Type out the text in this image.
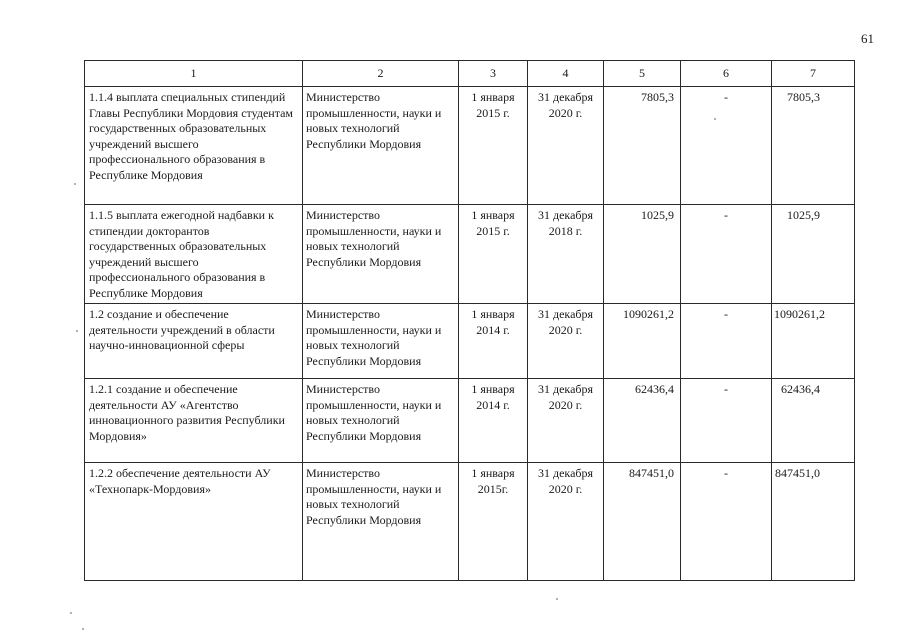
61
1	2	3	4	5	6	7
1.1.4 выплата специальных стипендий Главы Республики Мордовия студентам государственных образовательных учреждений высшего профессионального образования в Республике Мордовия	Министерство промышленности, науки и новых технологий Республики Мордовия	1 января 2015 г.	31 декабря 2020 г.	7805,3	-	7805,3
1.1.5 выплата ежегодной надбавки к стипендии докторантов государственных образовательных учреждений высшего профессионального образования в Республике Мордовия	Министерство промышленности, науки и новых технологий Республики Мордовия	1 января 2015 г.	31 декабря 2018 г.	1025,9	-	1025,9
1.2 создание и обеспечение деятельности учреждений в области научно-инновационной сферы	Министерство промышленности, науки и новых технологий Республики Мордовия	1 января 2014 г.	31 декабря 2020 г.	1090261,2	-	1090261,2
1.2.1 создание и обеспечение деятельности АУ «Агентство инновационного развития Республики Мордовия»	Министерство промышленности, науки и новых технологий Республики Мордовия	1 января 2014 г.	31 декабря 2020 г.	62436,4	-	62436,4
1.2.2 обеспечение деятельности АУ «Технопарк-Мордовия»	Министерство промышленности, науки и новых технологий Республики Мордовия	1 января 2015г.	31 декабря 2020 г.	847451,0	-	847451,0
